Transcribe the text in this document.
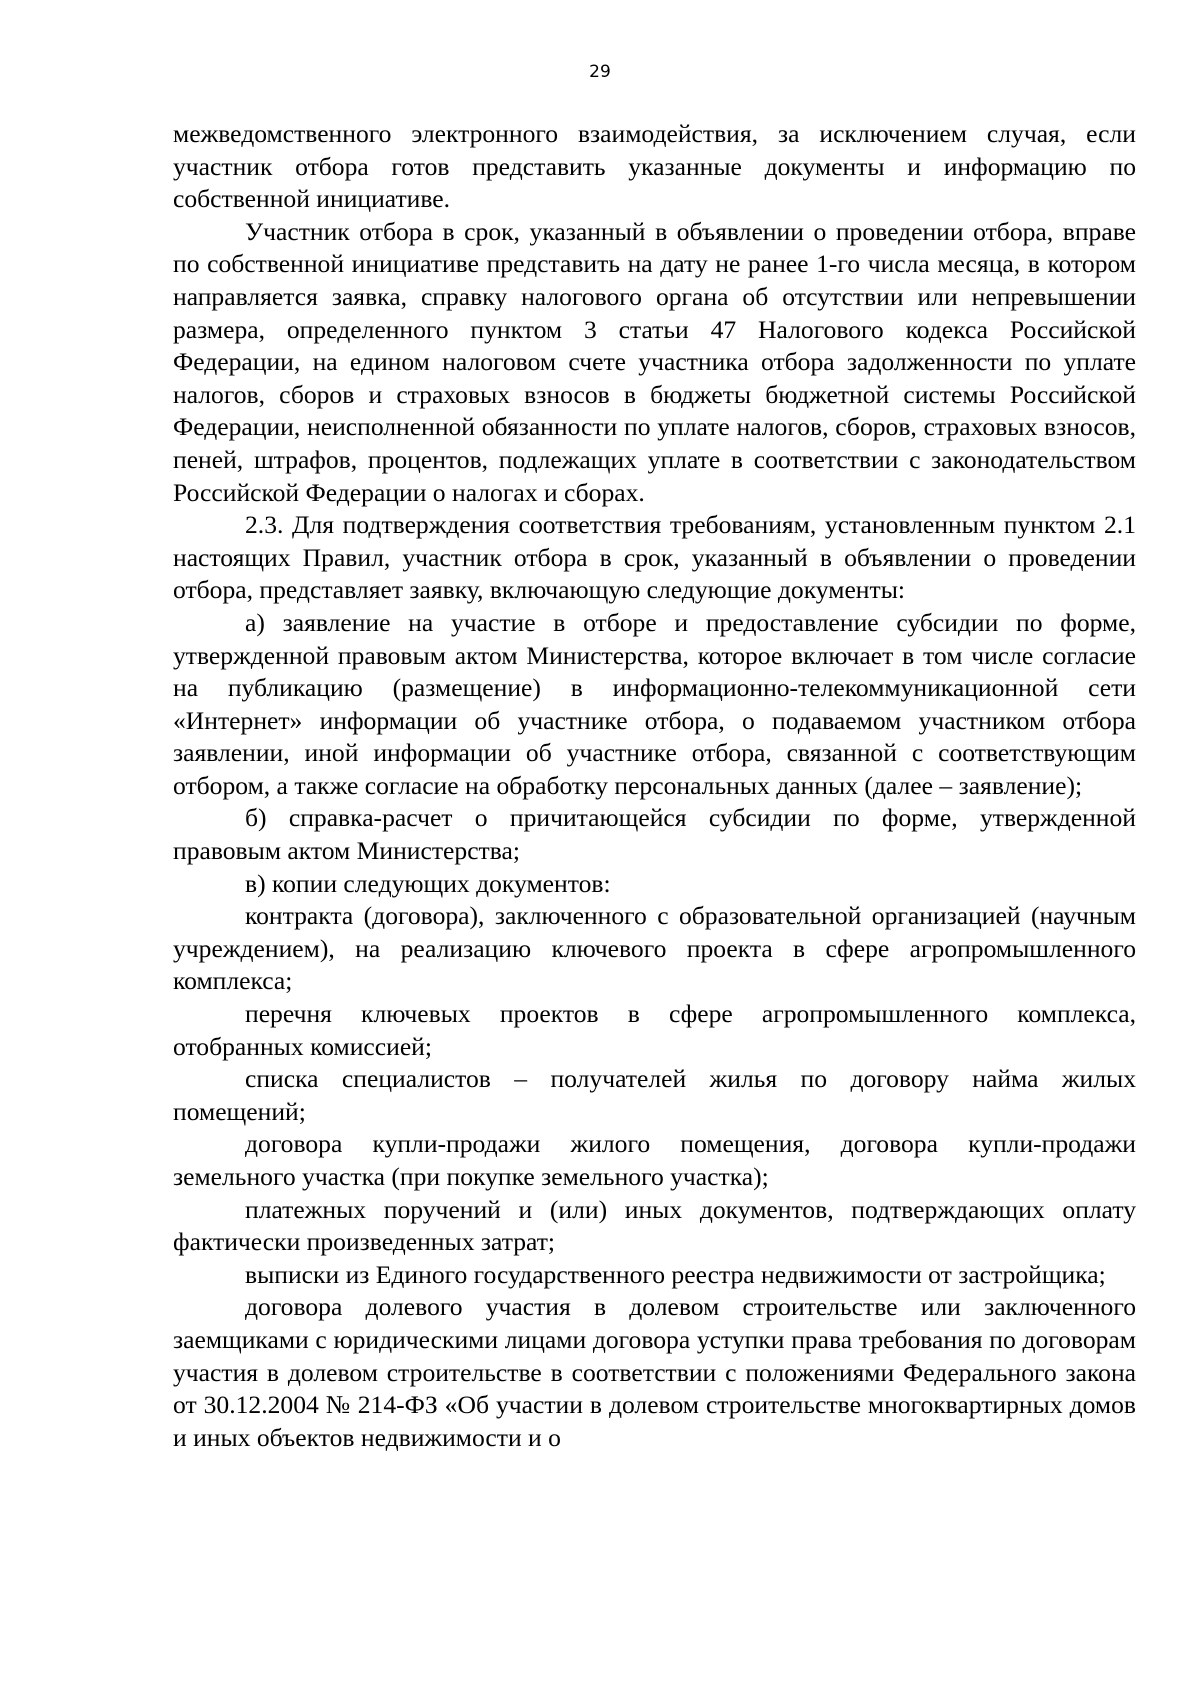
29

межведомственного электронного взаимодействия, за исключением случая, если участник отбора готов представить указанные документы и информацию по собственной инициативе.

Участник отбора в срок, указанный в объявлении о проведении отбора, вправе по собственной инициативе представить на дату не ранее 1-го числа месяца, в котором направляется заявка, справку налогового органа об отсутствии или непревышении размера, определенного пунктом 3 статьи 47 Налогового кодекса Российской Федерации, на едином налоговом счете участника отбора задолженности по уплате налогов, сборов и страховых взносов в бюджеты бюджетной системы Российской Федерации, неисполненной обязанности по уплате налогов, сборов, страховых взносов, пеней, штрафов, процентов, подлежащих уплате в соответствии с законодательством Российской Федерации о налогах и сборах.

2.3. Для подтверждения соответствия требованиям, установленным пунктом 2.1 настоящих Правил, участник отбора в срок, указанный в объявлении о проведении отбора, представляет заявку, включающую следующие документы:

а) заявление на участие в отборе и предоставление субсидии по форме, утвержденной правовым актом Министерства, которое включает в том числе согласие на публикацию (размещение) в информационно-телекоммуникационной сети «Интернет» информации об участнике отбора, о подаваемом участником отбора заявлении, иной информации об участнике отбора, связанной с соответствующим отбором, а также согласие на обработку персональных данных (далее – заявление);

б) справка-расчет о причитающейся субсидии по форме, утвержденной правовым актом Министерства;

в) копии следующих документов:

контракта (договора), заключенного с образовательной организацией (научным учреждением), на реализацию ключевого проекта в сфере агропромышленного комплекса;

перечня ключевых проектов в сфере агропромышленного комплекса, отобранных комиссией;

списка специалистов – получателей жилья по договору найма жилых помещений;

договора купли-продажи жилого помещения, договора купли-продажи земельного участка (при покупке земельного участка);

платежных поручений и (или) иных документов, подтверждающих оплату фактически произведенных затрат;

выписки из Единого государственного реестра недвижимости от застройщика;

договора долевого участия в долевом строительстве или заключенного заемщиками с юридическими лицами договора уступки права требования по договорам участия в долевом строительстве в соответствии с положениями Федерального закона от 30.12.2004 № 214-ФЗ «Об участии в долевом строительстве многоквартирных домов и иных объектов недвижимости и о
